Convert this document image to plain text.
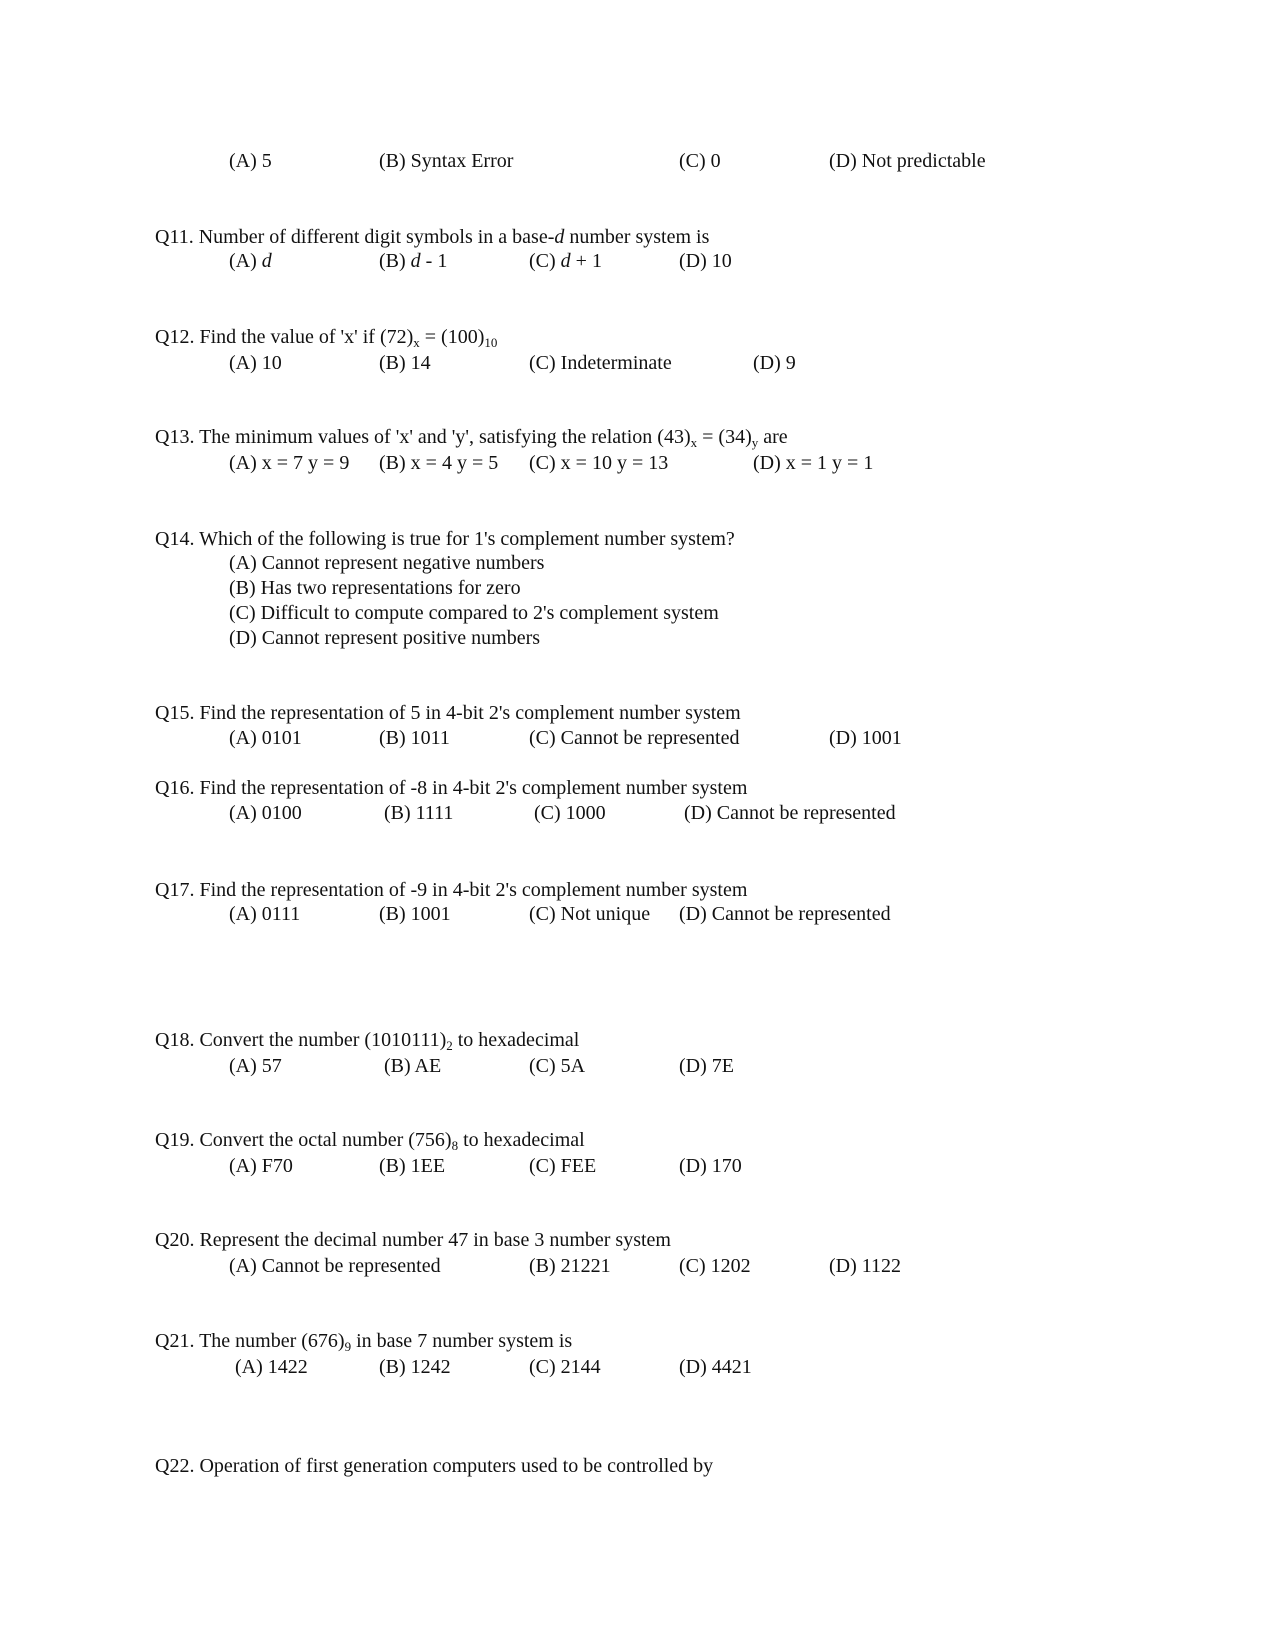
(A) 5	(B) Syntax Error	(C) 0	(D) Not predictable
Q11. Number of different digit symbols in a base-d number system is
(A) d	(B) d - 1	(C) d + 1	(D) 10
Q12. Find the value of 'x' if $(72)_x = (100)_{10}$
(A) 10	(B) 14	(C) Indeterminate	(D) 9
Q13. The minimum values of 'x' and 'y', satisfying the relation $(43)_x = (34)_y$ are
(A) x = 7 y = 9 (B) x = 4 y = 5 (C) x = 10 y = 13	(D) x = 1 y = 1
Q14. Which of the following is true for 1's complement number system?
(A) Cannot represent negative numbers
(B) Has two representations for zero
(C) Difficult to compute compared to 2's complement system
(D) Cannot represent positive numbers
Q15. Find the representation of 5 in 4-bit 2's complement number system
(A) 0101	(B) 1011	(C) Cannot be represented	(D) 1001
Q16. Find the representation of -8 in 4-bit 2's complement number system
(A) 0100	(B) 1111	(C) 1000	(D) Cannot be represented
Q17. Find the representation of -9 in 4-bit 2's complement number system
(A) 0111	(B) 1001	(C) Not unique (D) Cannot be represented
Q18. Convert the number $(1010111)_2$ to hexadecimal
(A) 57	(B) AE	(C) 5A	(D) 7E
Q19. Convert the octal number $(756)_8$ to hexadecimal
(A) F70	(B) 1EE	(C) FEE	(D) 170
Q20. Represent the decimal number 47 in base 3 number system
(A) Cannot be represented	(B) 21221	(C) 1202	(D) 1122
Q21. The number $(676)_9$ in base 7 number system is
(A) 1422	(B) 1242	(C) 2144	(D) 4421
Q22. Operation of first generation computers used to be controlled by
